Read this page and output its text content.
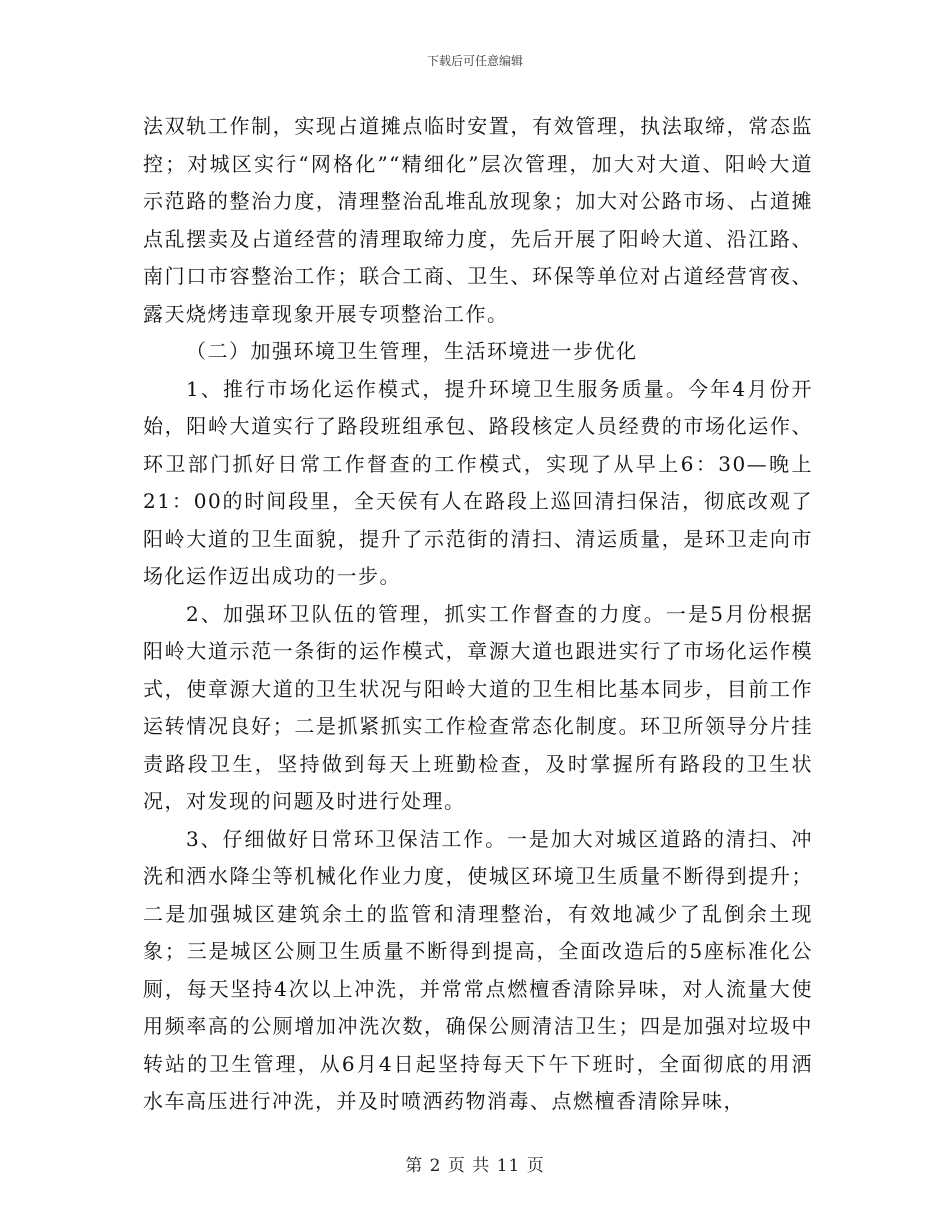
下载后可任意编辑

法双轨工作制，实现占道摊点临时安置，有效管理，执法取缔，常态监控；对城区实行“网格化”“精细化”层次管理，加大对大道、阳岭大道示范路的整治力度，清理整治乱堆乱放现象；加大对公路市场、占道摊点乱摆卖及占道经营的清理取缔力度，先后开展了阳岭大道、沿江路、南门口市容整治工作；联合工商、卫生、环保等单位对占道经营宵夜、露天烧烤违章现象开展专项整治工作。

（二）加强环境卫生管理，生活环境进一步优化

1、推行市场化运作模式，提升环境卫生服务质量。今年4月份开始，阳岭大道实行了路段班组承包、路段核定人员经费的市场化运作、环卫部门抓好日常工作督查的工作模式，实现了从早上6：30—晚上21：00的时间段里，全天侯有人在路段上巡回清扫保洁，彻底改观了阳岭大道的卫生面貌，提升了示范街的清扫、清运质量，是环卫走向市场化运作迈出成功的一步。

2、加强环卫队伍的管理，抓实工作督查的力度。一是5月份根据阳岭大道示范一条街的运作模式，章源大道也跟进实行了市场化运作模式，使章源大道的卫生状况与阳岭大道的卫生相比基本同步，目前工作运转情况良好；二是抓紧抓实工作检查常态化制度。环卫所领导分片挂责路段卫生，坚持做到每天上班勤检查，及时掌握所有路段的卫生状况，对发现的问题及时进行处理。

3、仔细做好日常环卫保洁工作。一是加大对城区道路的清扫、冲洗和洒水降尘等机械化作业力度，使城区环境卫生质量不断得到提升；二是加强城区建筑余土的监管和清理整治，有效地减少了乱倒余土现象；三是城区公厕卫生质量不断得到提高，全面改造后的5座标准化公厕，每天坚持4次以上冲洗，并常常点燃檀香清除异味，对人流量大使用频率高的公厕增加冲洗次数，确保公厕清洁卫生；四是加强对垃圾中转站的卫生管理，从6月4日起坚持每天下午下班时，全面彻底的用洒水车高压进行冲洗，并及时喷洒药物消毒、点燃檀香清除异味，

第 2 页 共 11 页
